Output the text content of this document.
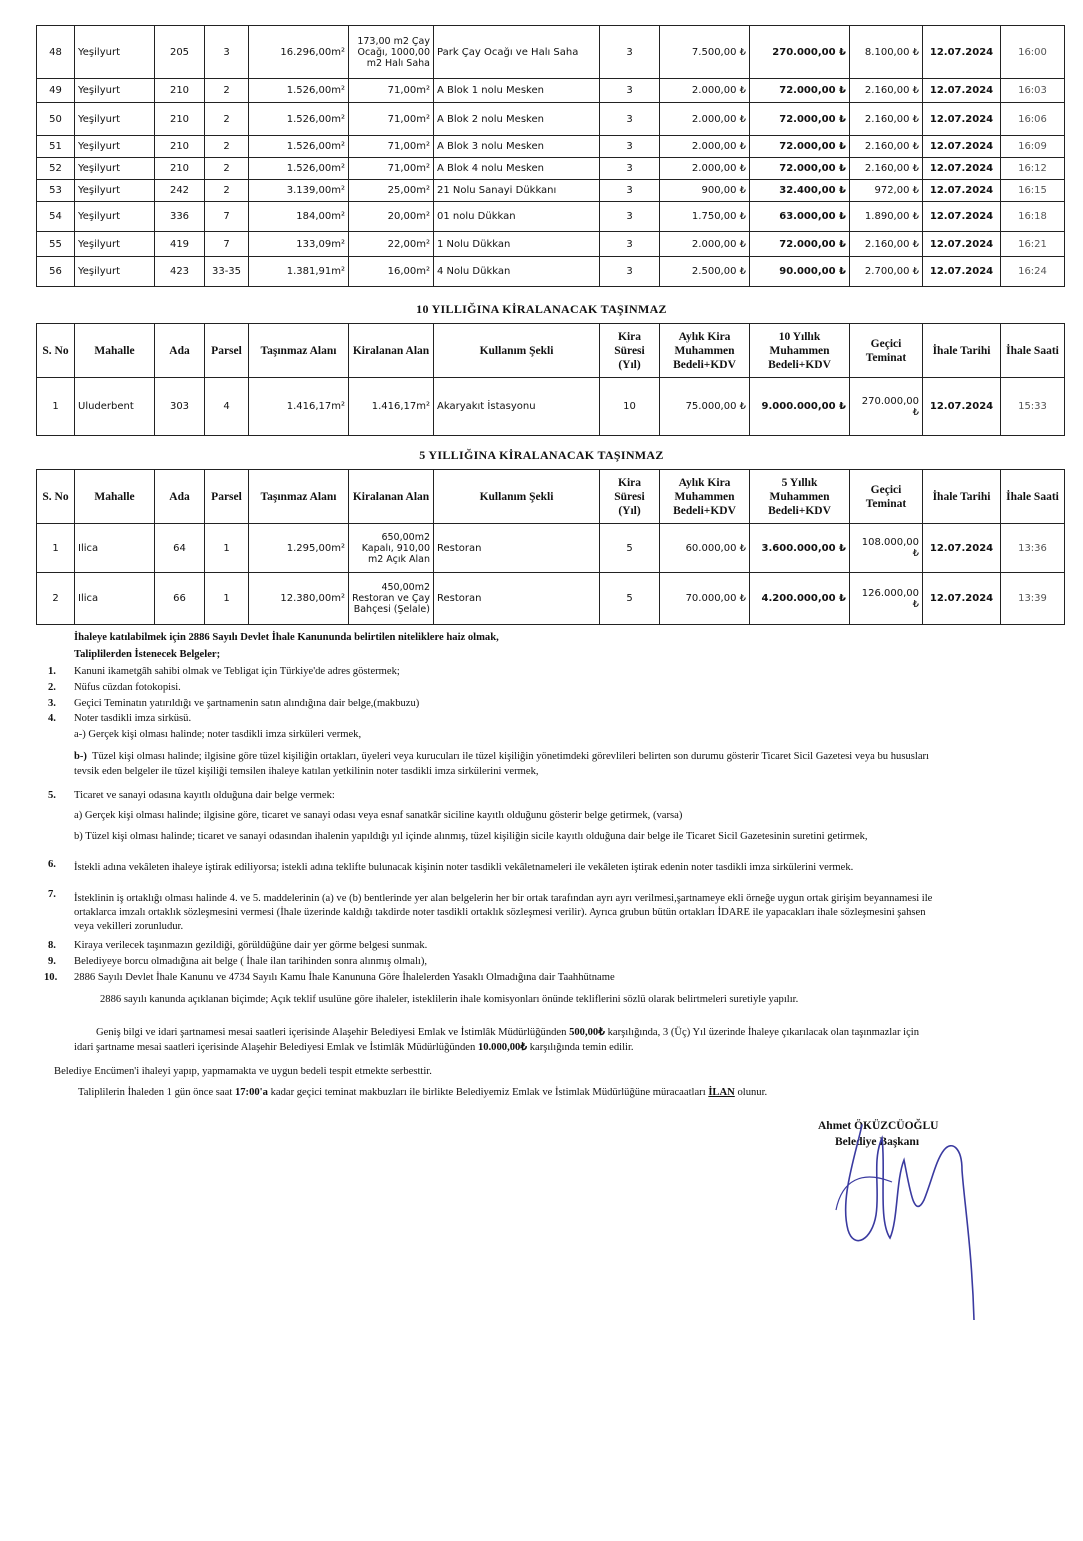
48	Yeşilyurt	205	3	16.296,00m²	173,00 m2 Çay Ocağı, 1000,00 m2 Halı Saha	Park Çay Ocağı ve Halı Saha	3	7.500,00 ₺	270.000,00 ₺	8.100,00 ₺	12.07.2024	16:00
49	Yeşilyurt	210	2	1.526,00m²	71,00m²	A Blok 1 nolu Mesken	3	2.000,00 ₺	72.000,00 ₺	2.160,00 ₺	12.07.2024	16:03
50	Yeşilyurt	210	2	1.526,00m²	71,00m²	A Blok 2 nolu Mesken	3	2.000,00 ₺	72.000,00 ₺	2.160,00 ₺	12.07.2024	16:06
51	Yeşilyurt	210	2	1.526,00m²	71,00m²	A Blok 3 nolu Mesken	3	2.000,00 ₺	72.000,00 ₺	2.160,00 ₺	12.07.2024	16:09
52	Yeşilyurt	210	2	1.526,00m²	71,00m²	A Blok 4 nolu Mesken	3	2.000,00 ₺	72.000,00 ₺	2.160,00 ₺	12.07.2024	16:12
53	Yeşilyurt	242	2	3.139,00m²	25,00m²	21 Nolu Sanayi Dükkanı	3	900,00 ₺	32.400,00 ₺	972,00 ₺	12.07.2024	16:15
54	Yeşilyurt	336	7	184,00m²	20,00m²	01 nolu Dükkan	3	1.750,00 ₺	63.000,00 ₺	1.890,00 ₺	12.07.2024	16:18
55	Yeşilyurt	419	7	133,09m²	22,00m²	1 Nolu Dükkan	3	2.000,00 ₺	72.000,00 ₺	2.160,00 ₺	12.07.2024	16:21
56	Yeşilyurt	423	33-35	1.381,91m²	16,00m²	4 Nolu Dükkan	3	2.500,00 ₺	90.000,00 ₺	2.700,00 ₺	12.07.2024	16:24
10 YILLIĞINA KİRALANACAK TAŞINMAZ
S. No	Mahalle	Ada	Parsel	Taşınmaz Alanı	Kiralanan Alan	Kullanım Şekli	Kira Süresi (Yıl)	Aylık Kira Muhammen Bedeli+KDV	10 Yıllık Muhammen Bedeli+KDV	Geçici Teminat	İhale Tarihi	İhale Saati
1	Uluderbent	303	4	1.416,17m²	1.416,17m²	Akaryakıt İstasyonu	10	75.000,00 ₺	9.000.000,00 ₺	270.000,00 ₺	12.07.2024	15:33
5 YILLIĞINA KİRALANACAK TAŞINMAZ
S. No	Mahalle	Ada	Parsel	Taşınmaz Alanı	Kiralanan Alan	Kullanım Şekli	Kira Süresi (Yıl)	Aylık Kira Muhammen Bedeli+KDV	5 Yıllık Muhammen Bedeli+KDV	Geçici Teminat	İhale Tarihi	İhale Saati
1	Ilica	64	1	1.295,00m²	650,00m2 Kapalı, 910,00 m2 Açık Alan	Restoran	5	60.000,00 ₺	3.600.000,00 ₺	108.000,00 ₺	12.07.2024	13:36
2	Ilica	66	1	12.380,00m²	450,00m2 Restoran ve Çay Bahçesi (Şelale)	Restoran	5	70.000,00 ₺	4.200.000,00 ₺	126.000,00 ₺	12.07.2024	13:39
İhaleye katılabilmek için 2886 Sayılı Devlet İhale Kanununda belirtilen niteliklere haiz olmak,
Taliplilerden İstenecek Belgeler;
1. Kanuni ikametgâh sahibi olmak ve Tebligat için Türkiye'de adres göstermek;
2. Nüfus cüzdan fotokopisi.
3. Geçici Teminatın yatırıldığı ve şartnamenin satın alındığına dair belge,(makbuzu)
4. Noter tasdikli imza sirküsü.
a-) Gerçek kişi olması halinde; noter tasdikli imza sirküleri vermek,
b-) Tüzel kişi olması halinde; ilgisine göre tüzel kişiliğin ortakları, üyeleri veya kurucuları ile tüzel kişiliğin yönetimdeki görevlileri belirten son durumu gösterir Ticaret Sicil Gazetesi veya bu hususları
tevsik eden belgeler ile tüzel kişiliği temsilen ihaleye katılan yetkilinin noter tasdikli imza sirkülerini vermek,
5. Ticaret ve sanayi odasına kayıtlı olduğuna dair belge vermek:
a) Gerçek kişi olması halinde; ilgisine göre, ticaret ve sanayi odası veya esnaf sanatkâr siciline kayıtlı olduğunu gösterir belge getirmek, (varsa)
b) Tüzel kişi olması halinde; ticaret ve sanayi odasından ihalenin yapıldığı yıl içinde alınmış, tüzel kişiliğin sicile kayıtlı olduğuna dair belge ile Ticaret Sicil Gazetesinin suretini getirmek,
6. İstekli adına vekâleten ihaleye iştirak ediliyorsa; istekli adına teklifte bulunacak kişinin noter tasdikli vekâletnameleri ile vekâleten iştirak edenin noter tasdikli imza sirkülerini vermek.
7. İsteklinin iş ortaklığı olması halinde 4. ve 5. maddelerinin (a) ve (b) bentlerinde yer alan belgelerin her bir ortak tarafından ayrı ayrı verilmesi,şartnameye ekli örneğe uygun ortak girişim beyannamesi ile
ortaklarca imzalı ortaklık sözleşmesini vermesi (İhale üzerinde kaldığı takdirde noter tasdikli ortaklık sözleşmesi verilir). Ayrıca grubun bütün ortakları İDARE ile yapacakları ihale sözleşmesini şahsen
veya vekilleri zorunludur.
8. Kiraya verilecek taşınmazın gezildiği, görüldüğüne dair yer görme belgesi sunmak.
9. Belediyeye borcu olmadığına ait belge ( İhale ilan tarihinden sonra alınmış olmalı),
10. 2886 Sayılı Devlet İhale Kanunu ve 4734 Sayılı Kamu İhale Kanununa Göre İhalelerden Yasaklı Olmadığına dair Taahhütname
2886 sayılı kanunda açıklanan biçimde; Açık teklif usulüne göre ihaleler, isteklilerin ihale komisyonları önünde tekliflerini sözlü olarak belirtmeleri suretiyle yapılır.
Geniş bilgi ve idari şartnamesi mesai saatleri içerisinde Alaşehir Belediyesi Emlak ve İstimlâk Müdürlüğünden 500,00₺ karşılığında, 3 (Üç) Yıl üzerinde İhaleye çıkarılacak olan taşınmazlar için
idari şartname mesai saatleri içerisinde Alaşehir Belediyesi Emlak ve İstimlâk Müdürlüğünden 10.000,00₺ karşılığında temin edilir.
Belediye Encümen'i ihaleyi yapıp, yapmamakta ve uygun bedeli tespit etmekte serbesttir.
Taliplilerin İhaleden 1 gün önce saat 17:00'a kadar geçici teminat makbuzları ile birlikte Belediyemiz Emlak ve İstimlak Müdürlüğüne müracaatları İLAN olunur.
Ahmet ÖKÜZCÜOĞLU
Belediye Başkanı
